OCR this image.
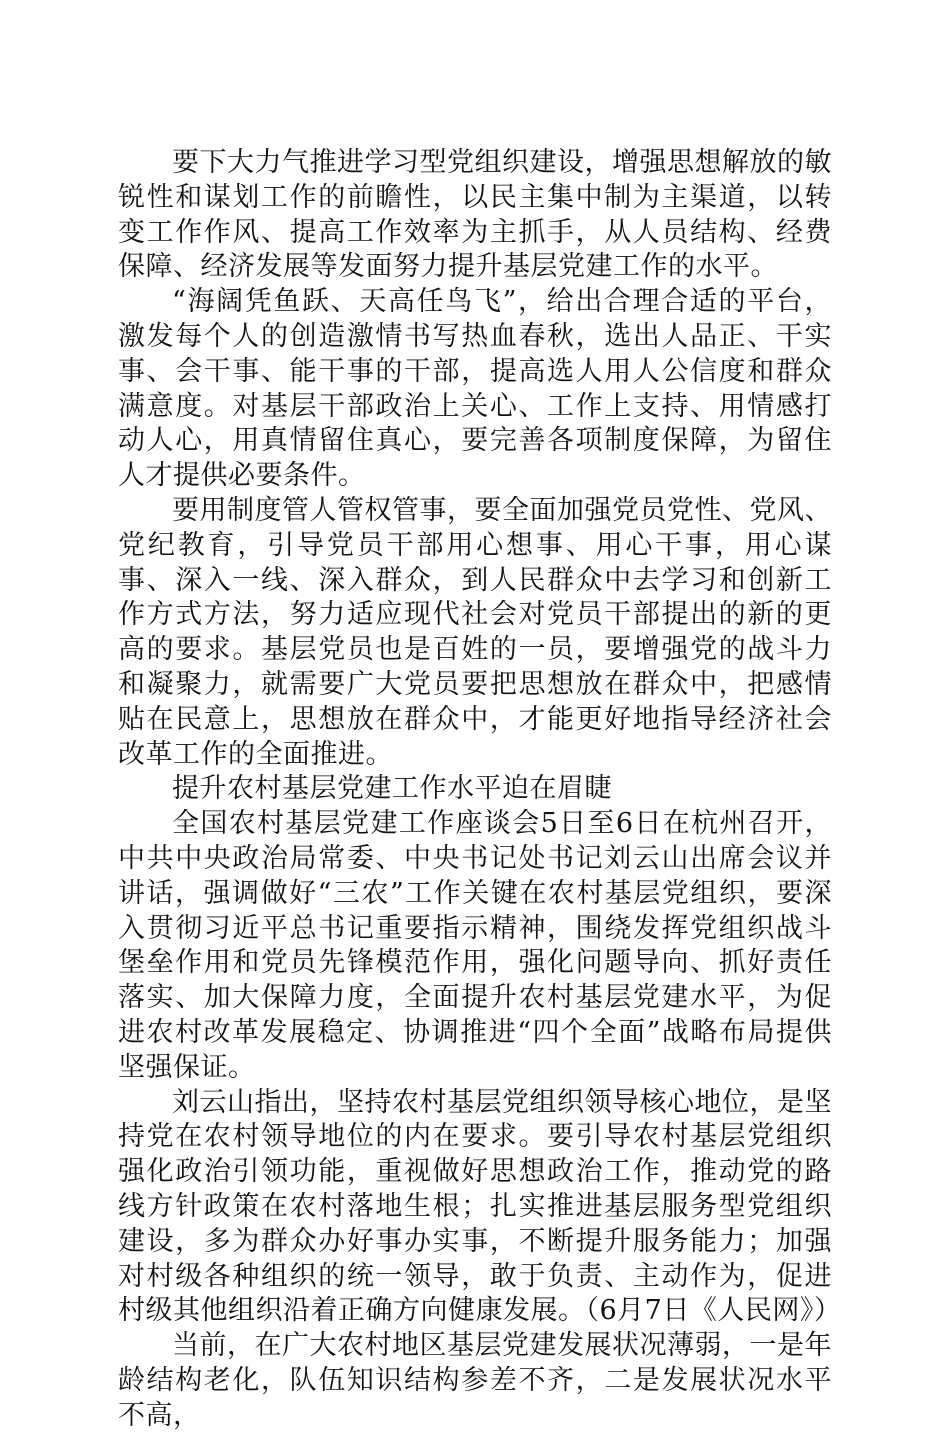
要下大力气推进学习型党组织建设，增强思想解放的敏锐性和谋划工作的前瞻性，以民主集中制为主渠道，以转变工作作风、提高工作效率为主抓手，从人员结构、经费保障、经济发展等发面努力提升基层党建工作的水平。

“海阔凭鱼跃、天高任鸟飞”，给出合理合适的平台，激发每个人的创造激情书写热血春秋，选出人品正、干实事、会干事、能干事的干部，提高选人用人公信度和群众满意度。对基层干部政治上关心、工作上支持、用情感打动人心，用真情留住真心，要完善各项制度保障，为留住人才提供必要条件。

要用制度管人管权管事，要全面加强党员党性、党风、党纪教育，引导党员干部用心想事、用心干事，用心谋事、深入一线、深入群众，到人民群众中去学习和创新工作方式方法，努力适应现代社会对党员干部提出的新的更高的要求。基层党员也是百姓的一员，要增强党的战斗力和凝聚力，就需要广大党员要把思想放在群众中，把感情贴在民意上，思想放在群众中，才能更好地指导经济社会改革工作的全面推进。

提升农村基层党建工作水平迫在眉睫

全国农村基层党建工作座谈会5日至6日在杭州召开，中共中央政治局常委、中央书记处书记刘云山出席会议并讲话，强调做好“三农”工作关键在农村基层党组织，要深入贯彻习近平总书记重要指示精神，围绕发挥党组织战斗堡垒作用和党员先锋模范作用，强化问题导向、抓好责任落实、加大保障力度，全面提升农村基层党建水平，为促进农村改革发展稳定、协调推进“四个全面”战略布局提供坚强保证。

刘云山指出，坚持农村基层党组织领导核心地位，是坚持党在农村领导地位的内在要求。要引导农村基层党组织强化政治引领功能，重视做好思想政治工作，推动党的路线方针政策在农村落地生根；扎实推进基层服务型党组织建设，多为群众办好事办实事，不断提升服务能力；加强对村级各种组织的统一领导，敢于负责、主动作为，促进村级其他组织沿着正确方向健康发展。（6月7日《人民网》）

当前，在广大农村地区基层党建发展状况薄弱，一是年龄结构老化，队伍知识结构参差不齐，二是发展状况水平不高，
